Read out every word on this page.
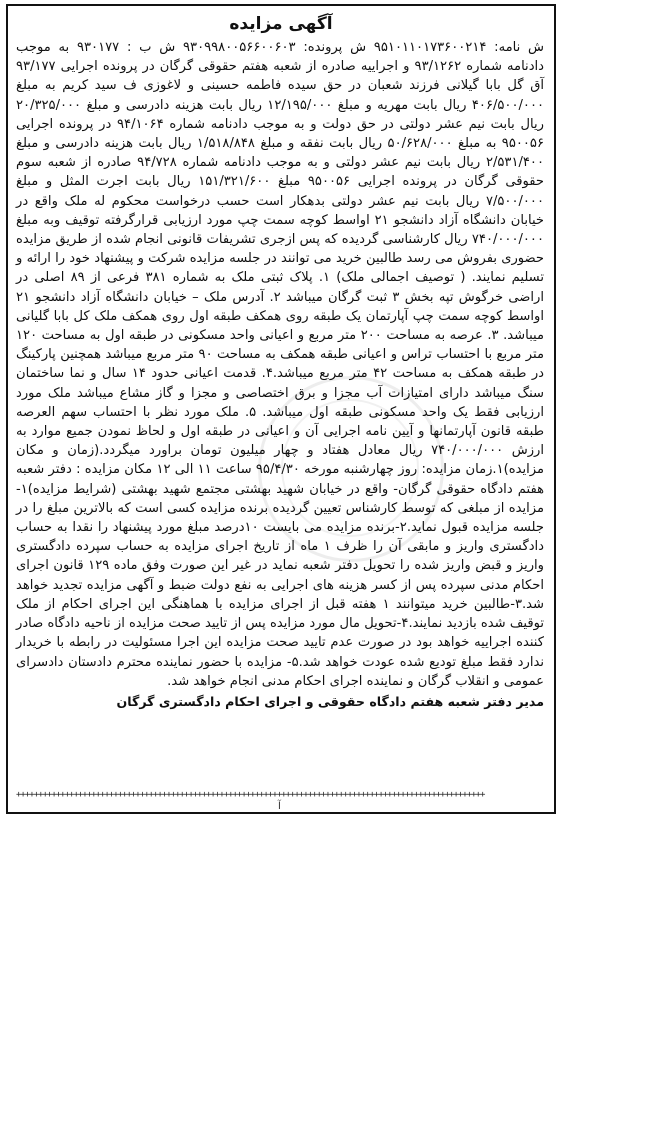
آگهی مزایده
ش نامه: ۹۵۱۰۱۱۰۱۷۳۶۰۰۲۱۴ ش پرونده: ۹۳۰۹۹۸۰۰۵۶۶۰۰۶۰۳ ش ب : ۹۳۰۱۷۷ به موجب دادنامه شماره ۹۳/۱۲۶۲ و اجراییه صادره از شعبه هفتم حقوقی گرگان در پرونده اجرایی ۹۳/۱۷۷ آق گل بابا گیلانی فرزند شعبان در حق سیده فاطمه حسینی و لاغوزی ف سید کریم به مبلغ ۴۰۶/۵۰۰/۰۰۰ ریال بابت مهریه و مبلغ ۱۲/۱۹۵/۰۰۰ ریال بابت هزینه دادرسی و مبلغ ۲۰/۳۲۵/۰۰۰ ریال بابت نیم عشر دولتی در حق دولت و به موجب دادنامه شماره ۹۴/۱۰۶۴ در پرونده اجرایی ۹۵۰۰۵۶ به مبلغ ۵۰/۶۲۸/۰۰۰ ریال بابت نفقه و مبلغ ۱/۵۱۸/۸۴۸ ریال بابت هزینه دادرسی و مبلغ ۲/۵۳۱/۴۰۰ ریال بابت نیم عشر دولتی و به موجب دادنامه شماره ۹۴/۷۲۸ صادره از شعبه سوم حقوقی گرگان در پرونده اجرایی ۹۵۰۰۵۶ مبلغ ۱۵۱/۳۲۱/۶۰۰ ریال بابت اجرت المثل و مبلغ ۷/۵۰۰/۰۰۰ ریال بابت نیم عشر دولتی بدهکار است حسب درخواست محکوم له ملک واقع در خیابان دانشگاه آزاد دانشجو ۲۱ اواسط کوچه سمت چپ مورد ارزیابی قرارگرفته توقیف وبه مبلغ ۷۴۰/۰۰۰/۰۰۰ ریال کارشناسی گردیده که پس ازجری تشریفات قانونی انجام شده از طریق مزایده حضوری بفروش می رسد طالبین خرید می توانند در جلسه مزایده شرکت و پیشنهاد خود را ارائه و تسلیم نمایند. ( توصیف اجمالی ملک) ۱. پلاک ثبتی ملک به شماره ۳۸۱ فرعی از ۸۹ اصلی در اراضی خرگوش تپه بخش ۳ ثبت گرگان میباشد ۲. آدرس ملک – خیابان دانشگاه آزاد دانشجو ۲۱ اواسط کوچه سمت چپ آپارتمان یک طبقه روی همکف طبقه اول روی همکف ملک کل بابا گلیانی میباشد. ۳. عرصه به مساحت ۲۰۰ متر مربع و اعیانی واحد مسکونی در طبقه اول به مساحت ۱۲۰ متر مربع با احتساب تراس و اعیانی طبقه همکف به مساحت ۹۰ متر مربع میباشد همچنین پارکینگ در طبقه همکف به مساحت ۴۲ متر مربع میباشد.۴. قدمت اعیانی حدود ۱۴ سال و نما ساختمان سنگ میباشد دارای امتیازات آب مجزا و برق اختصاصی و مجزا و گاز مشاع میباشد ملک مورد ارزیابی فقط یک واحد مسکونی طبقه اول میباشد. ۵. ملک مورد نظر با احتساب سهم العرصه طبقه قانون آپارتمانها و آیین نامه اجرایی آن و اعیانی در طبقه اول و لحاظ نمودن جمیع موارد به ارزش ۷۴۰/۰۰۰/۰۰۰ ریال معادل هفتاد و چهار میلیون تومان براورد میگردد.(زمان و مکان مزایده)۱.زمان مزایده: روز چهارشنبه مورخه ۹۵/۴/۳۰ ساعت ۱۱ الی ۱۲ مکان مزایده : دفتر شعبه هفتم دادگاه حقوقی گرگان- واقع در خیابان شهید بهشتی مجتمع شهید بهشتی (شرایط مزایده)۱- مزایده از مبلغی که توسط کارشناس تعیین گردیده برنده مزایده کسی است که بالاترین مبلغ را در جلسه مزایده قبول نماید.۲-برنده مزایده می بایست ۱۰درصد مبلغ مورد پیشنهاد را نقدا به حساب دادگستری واریز و مابقی آن را ظرف ۱ ماه از تاریخ اجرای مزایده به حساب سپرده دادگستری واریز و قبض واریز شده را تحویل دفتر شعبه نماید در غیر این صورت وفق ماده ۱۲۹ قانون اجرای احکام مدنی سپرده پس از کسر هزینه های اجرایی به نفع دولت ضبط و آگهی مزایده تجدید خواهد شد.۳-طالبین خرید میتوانند ۱ هفته قبل از اجرای مزایده با هماهنگی این اجرای احکام از ملک توقیف شده بازدید نمایند.۴-تحویل مال مورد مزایده پس از تایید صحت مزایده از ناحیه دادگاه صادر کننده اجراییه خواهد بود در صورت عدم تایید صحت مزایده این اجرا مسئولیت در رابطه با خریدار ندارد فقط مبلغ تودیع شده عودت خواهد شد.۵- مزایده با حضور نماینده محترم دادستان دادسرای عمومی و انقلاب گرگان و نماینده اجرای احکام مدنی انجام خواهد شد.
مدیر دفتر شعبه هفتم دادگاه حقوقی و اجرای احکام دادگستری گرگان
++++++++++++++++++++++++++++++++++++++++++++++++++++++++++++++++++++++++++++++++++++++++++++++++++++++++++
آ
